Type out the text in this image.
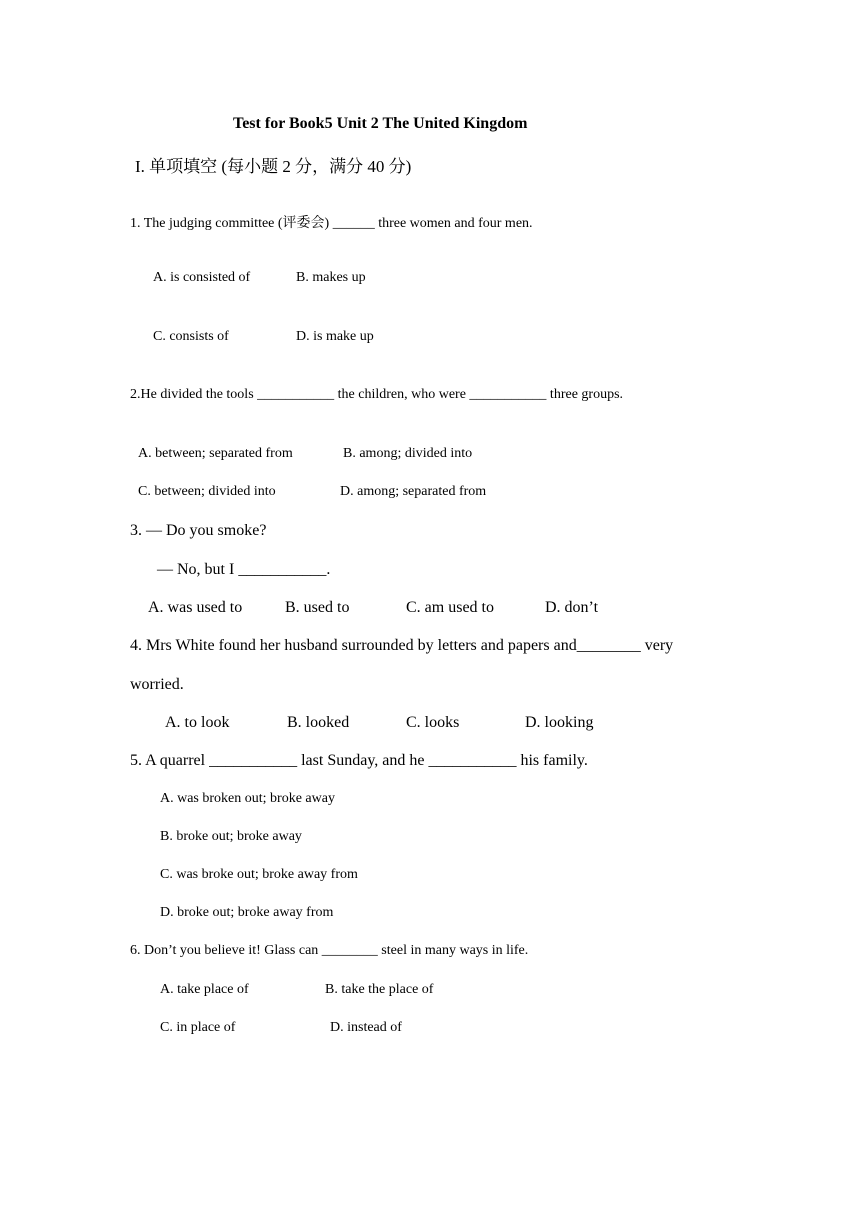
Test for Book5 Unit 2 The United Kingdom
I. 单项填空 (每小题 2 分，满分 40 分)
1. The judging committee (评委会) ______ three women and four men.
A. is consisted of	B. makes up
C. consists of	D. is make up
2.He divided the tools ___________ the children, who were ___________ three groups.
A. between; separated from	B. among; divided into
C. between; divided into	D. among; separated from
3. — Do you smoke?
— No, but I ___________.
A. was used to	B. used to	C. am used to	D. don’t
4. Mrs White found her husband surrounded by letters and papers and________ very
worried.
A. to look	B. looked	C. looks	D. looking
5. A quarrel ___________ last Sunday, and he ___________ his family.
A. was broken out; broke away
B. broke out; broke away
C. was broke out; broke away from
D. broke out; broke away from
6. Don’t you believe it! Glass can ________ steel in many ways in life.
A. take place of	B. take the place of
C. in place of	D. instead of
